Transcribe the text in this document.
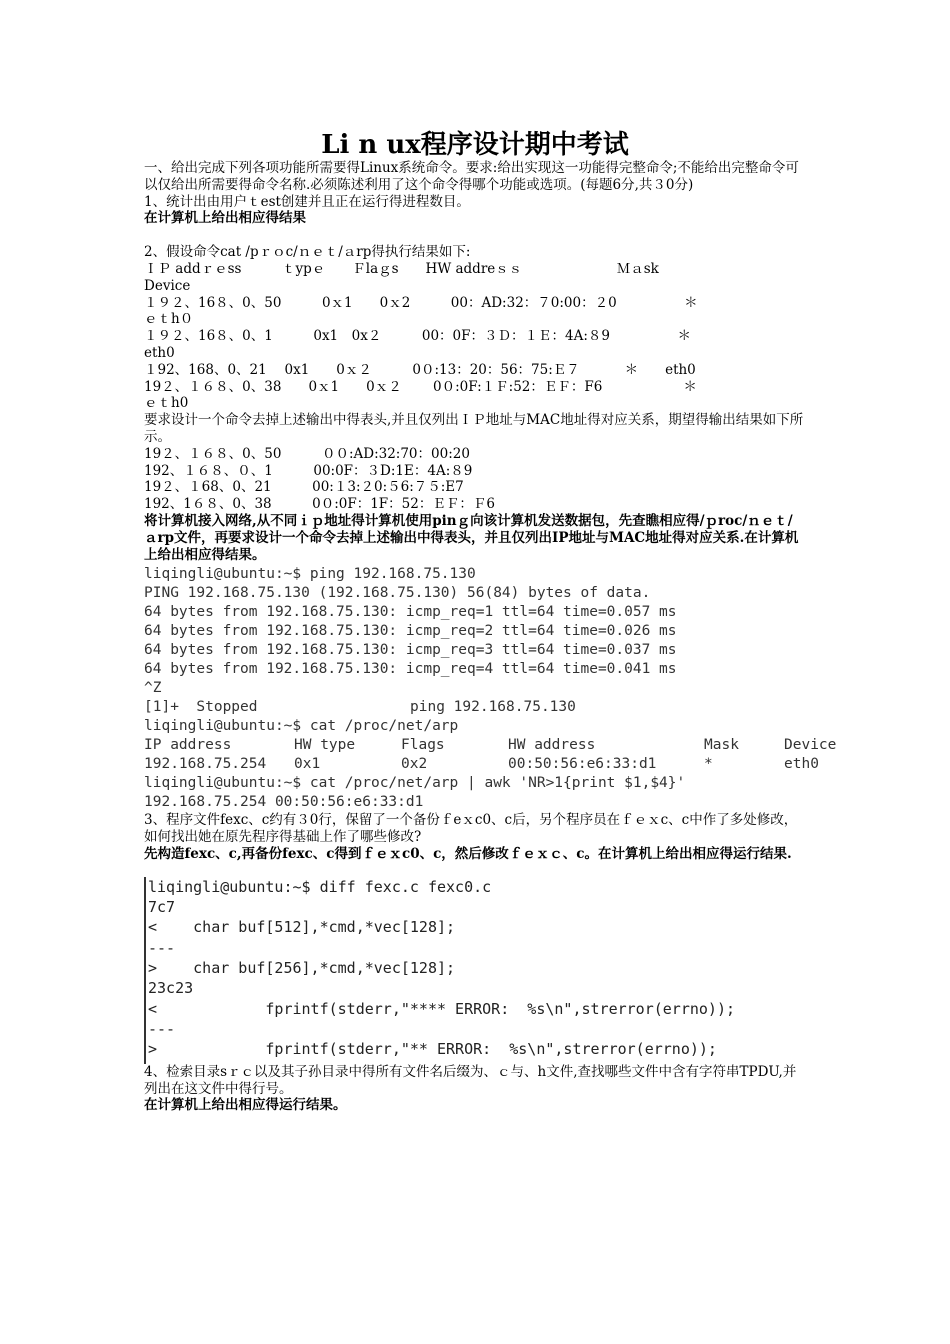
Li n ux程序设计期中考试

一、给出完成下列各项功能所需要得Linux系统命令。要求:给出实现这一功能得完整命令;不能给出完整命令可以仅给出所需要得命令名称.必须陈述利用了这个命令得哪个功能或选项。(每题6分,共３0分)

1、统计出由用户ｔest创建并且正在运行得进程数目。

在计算机上给出相应得结果

2、假设命令cat /pｒｏc/ｎｅｔ/ａrp得执行结果如下:

ＩＰ addｒｅss　　　ｔypｅ　　Ｆlaｇs　　HW addreｓｓ　　　　　　　Ｍａsk

Device

１９２、16８、0、50　　　0ｘ1　　0ｘ2　　　00：AD:32：７0:00：２0　　　　　＊

ｅｔh０

１９２、16８、0、1　　　0x1　0x２　　　00：0F：３Ｄ：１Ｅ：4A:８9　　　　　＊

eth0

１92、168、0、21　 0x1　　0ｘ２　　　0０:13：20：56：75:Ｅ７　　　 ＊　　eth0

19２、１６８、0、38　　0ｘ1　　0ｘ２　　 0０:0F:１Ｆ:52：ＥＦ：F6　　　　　　＊

ｅｔh0

要求设计一个命令去掉上述输出中得表头,并且仅列出ＩＰ地址与MAC地址得对应关系，期望得输出结果如下所示。

19２、１６８、0、50　　　００:AD:32:70：00:20

192、１６８、０、1　　　00:0F：３D:1E：4A:８9

19２、１68、0、21　　　00:１3:２0:５6:７５:E7

192、1６８、0、38　　　0０:0F：1F：52：ＥＦ：Ｆ6

将计算机接入网络,从不同ｉｐ地址得计算机使用pinｇ向该计算机发送数据包，先查瞧相应得/ｐroc/ｎｅｔ/ａrp文件，再要求设计一个命令去掉上述输出中得表头，并且仅列出IP地址与MAC地址得对应关系.在计算机上给出相应得结果。

liqingli@ubuntu:~$ ping 192.168.75.130
PING 192.168.75.130 (192.168.75.130) 56(84) bytes of data.
64 bytes from 192.168.75.130: icmp_req=1 ttl=64 time=0.057 ms
64 bytes from 192.168.75.130: icmp_req=2 ttl=64 time=0.026 ms
64 bytes from 192.168.75.130: icmp_req=3 ttl=64 time=0.037 ms
64 bytes from 192.168.75.130: icmp_req=4 ttl=64 time=0.041 ms
^Z
[1]+  Stopped	ping 192.168.75.130
liqingli@ubuntu:~$ cat /proc/net/arp
IP address	HW type	Flags	HW address	Mask	Device
192.168.75.254	0x1	0x2	00:50:56:e6:33:d1	*	eth0
liqingli@ubuntu:~$ cat /proc/net/arp | awk 'NR>1{print $1,$4}'
192.168.75.254 00:50:56:e6:33:d1

3、程序文件fexc、c约有３0行，保留了一个备份ｆeｘc0、c后，另个程序员在ｆｅｘc、c中作了多处修改，如何找出她在原先程序得基础上作了哪些修改?

先构造fexc、c,再备份fexc、c得到ｆｅｘc0、c，然后修改ｆｅｘｃ、c。在计算机上给出相应得运行结果.

liqingli@ubuntu:~$ diff fexc.c fexc0.c
7c7
<    char buf[512],*cmd,*vec[128];
---
>    char buf[256],*cmd,*vec[128];
23c23
<            fprintf(stderr,"**** ERROR:  %s\n",strerror(errno));
---
>            fprintf(stderr,"** ERROR:  %s\n",strerror(errno));

4、检索目录sｒｃ以及其子孙目录中得所有文件名后缀为、ｃ与、h文件,查找哪些文件中含有字符串TPDU,并列出在这文件中得行号。

在计算机上给出相应得运行结果。
